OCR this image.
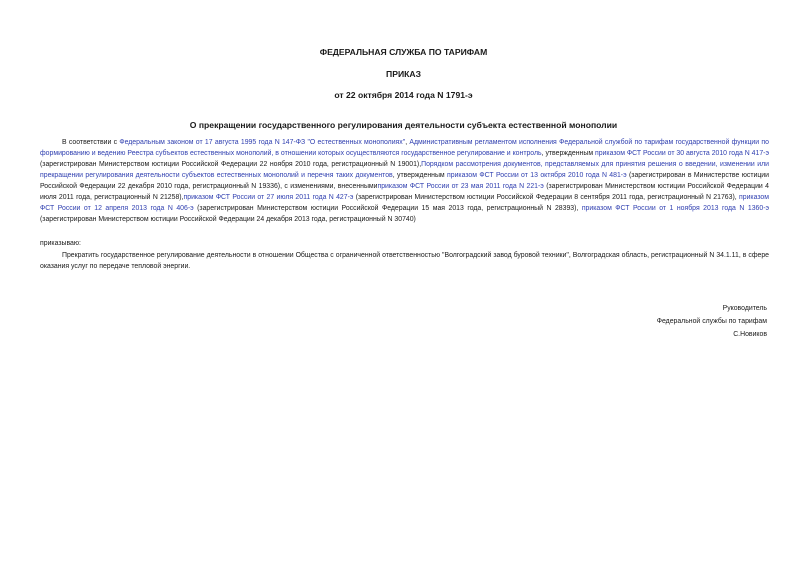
ФЕДЕРАЛЬНАЯ СЛУЖБА ПО ТАРИФАМ
ПРИКАЗ
от 22 октября 2014 года N 1791-э
О прекращении государственного регулирования деятельности субъекта естественной монополии

В соответствии с Федеральным законом от 17 августа 1995 года N 147-ФЗ "О естественных монополиях", Административным регламентом исполнения Федеральной службой по тарифам государственной функции по формированию и ведению Реестра субъектов естественных монополий, в отношении которых осуществляются государственное регулирование и контроль, утвержденным приказом ФСТ России от 30 августа 2010 года N 417-э (зарегистрирован Министерством юстиции Российской Федерации 22 ноября 2010 года, регистрационный N 19001),Порядком рассмотрения документов, представляемых для принятия решения о введении, изменении или прекращении регулирования деятельности субъектов естественных монополий и перечня таких документов, утвержденным приказом ФСТ России от 13 октября 2010 года N 481-э (зарегистрирован в Министерстве юстиции Российской Федерации 22 декабря 2010 года, регистрационный N 19336), с изменениями, внесеннымиприказом ФСТ России от 23 мая 2011 года N 221-э (зарегистрирован Министерством юстиции Российской Федерации 4 июля 2011 года, регистрационный N 21258),приказом ФСТ России от 27 июля 2011 года N 427-э (зарегистрирован Министерством юстиции Российской Федерации 8 сентября 2011 года, регистрационный N 21763), приказом ФСТ России от 12 апреля 2013 года N 406-э (зарегистрирован Министерством юстиции Российской Федерации 15 мая 2013 года, регистрационный N 28393), приказом ФСТ России от 1 ноября 2013 года N 1360-э (зарегистрирован Министерством юстиции Российской Федерации 24 декабря 2013 года, регистрационный N 30740)

приказываю:

Прекратить государственное регулирование деятельности в отношении Общества с ограниченной ответственностью "Волгоградский завод буровой техники", Волгоградская область, регистрационный N 34.1.11, в сфере оказания услуг по передаче тепловой энергии.

Руководитель
Федеральной службы по тарифам
С.Новиков
